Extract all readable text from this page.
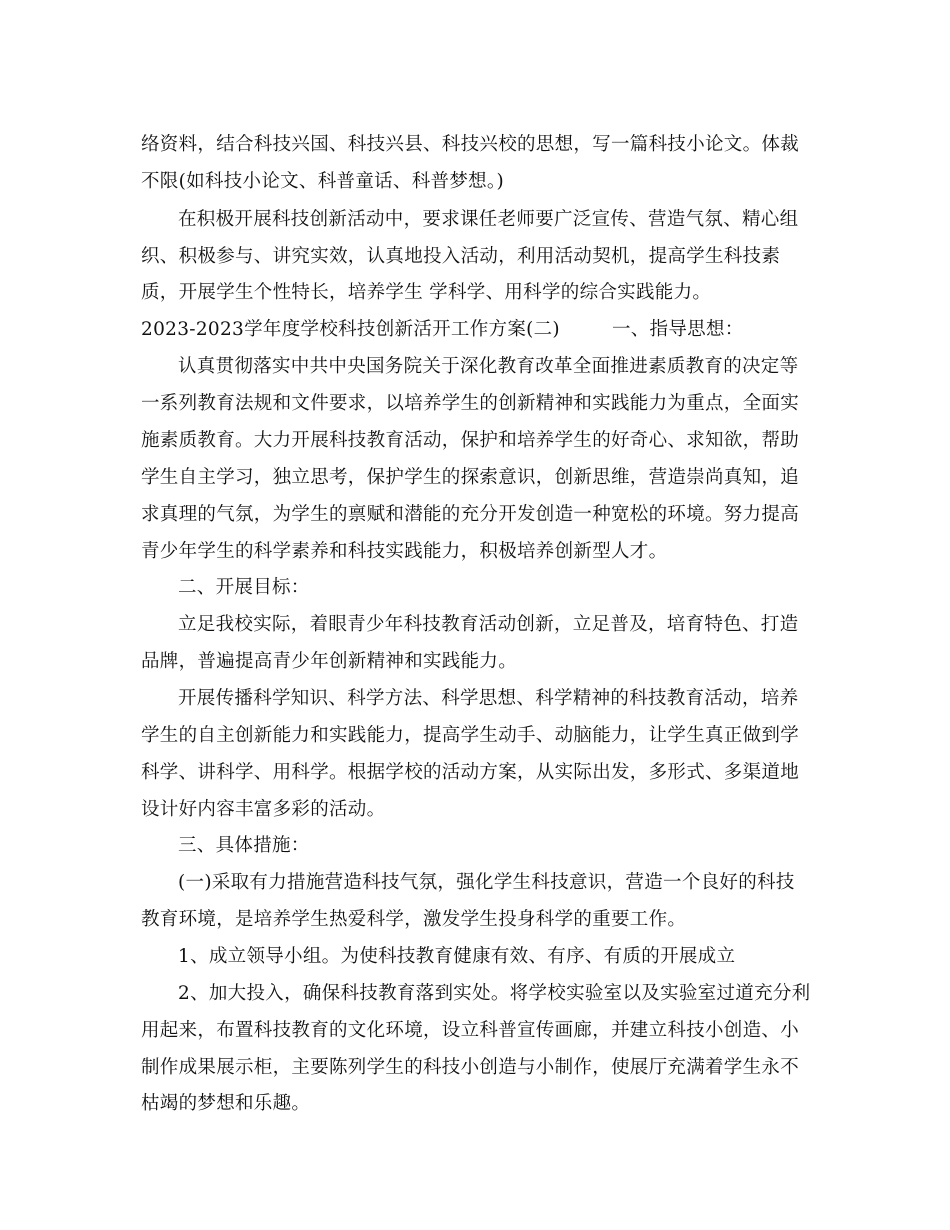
络资料，结合科技兴国、科技兴县、科技兴校的思想，写一篇科技小论文。体裁
不限(如科技小论文、科普童话、科普梦想。)
在积极开展科技创新活动中，要求课任老师要广泛宣传、营造气氛、精心组
织、积极参与、讲究实效，认真地投入活动，利用活动契机，提高学生科技素
质，开展学生个性特长，培养学生 学科学、用科学的综合实践能力。
2023-2023学年度学校科技创新活开工作方案(二)	一、指导思想：
认真贯彻落实中共中央国务院关于深化教育改革全面推进素质教育的决定等
一系列教育法规和文件要求，以培养学生的创新精神和实践能力为重点，全面实
施素质教育。大力开展科技教育活动，保护和培养学生的好奇心、求知欲，帮助
学生自主学习，独立思考，保护学生的探索意识，创新思维，营造崇尚真知，追
求真理的气氛，为学生的禀赋和潜能的充分开发创造一种宽松的环境。努力提高
青少年学生的科学素养和科技实践能力，积极培养创新型人才。
二、开展目标：
立足我校实际，着眼青少年科技教育活动创新，立足普及，培育特色、打造
品牌，普遍提高青少年创新精神和实践能力。
开展传播科学知识、科学方法、科学思想、科学精神的科技教育活动，培养
学生的自主创新能力和实践能力，提高学生动手、动脑能力，让学生真正做到学
科学、讲科学、用科学。根据学校的活动方案，从实际出发，多形式、多渠道地
设计好内容丰富多彩的活动。
三、具体措施：
(一)采取有力措施营造科技气氛，强化学生科技意识，营造一个良好的科技
教育环境，是培养学生热爱科学，激发学生投身科学的重要工作。
1、成立领导小组。为使科技教育健康有效、有序、有质的开展成立
2、加大投入，确保科技教育落到实处。将学校实验室以及实验室过道充分利
用起来，布置科技教育的文化环境，设立科普宣传画廊，并建立科技小创造、小
制作成果展示柜，主要陈列学生的科技小创造与小制作，使展厅充满着学生永不
枯竭的梦想和乐趣。
